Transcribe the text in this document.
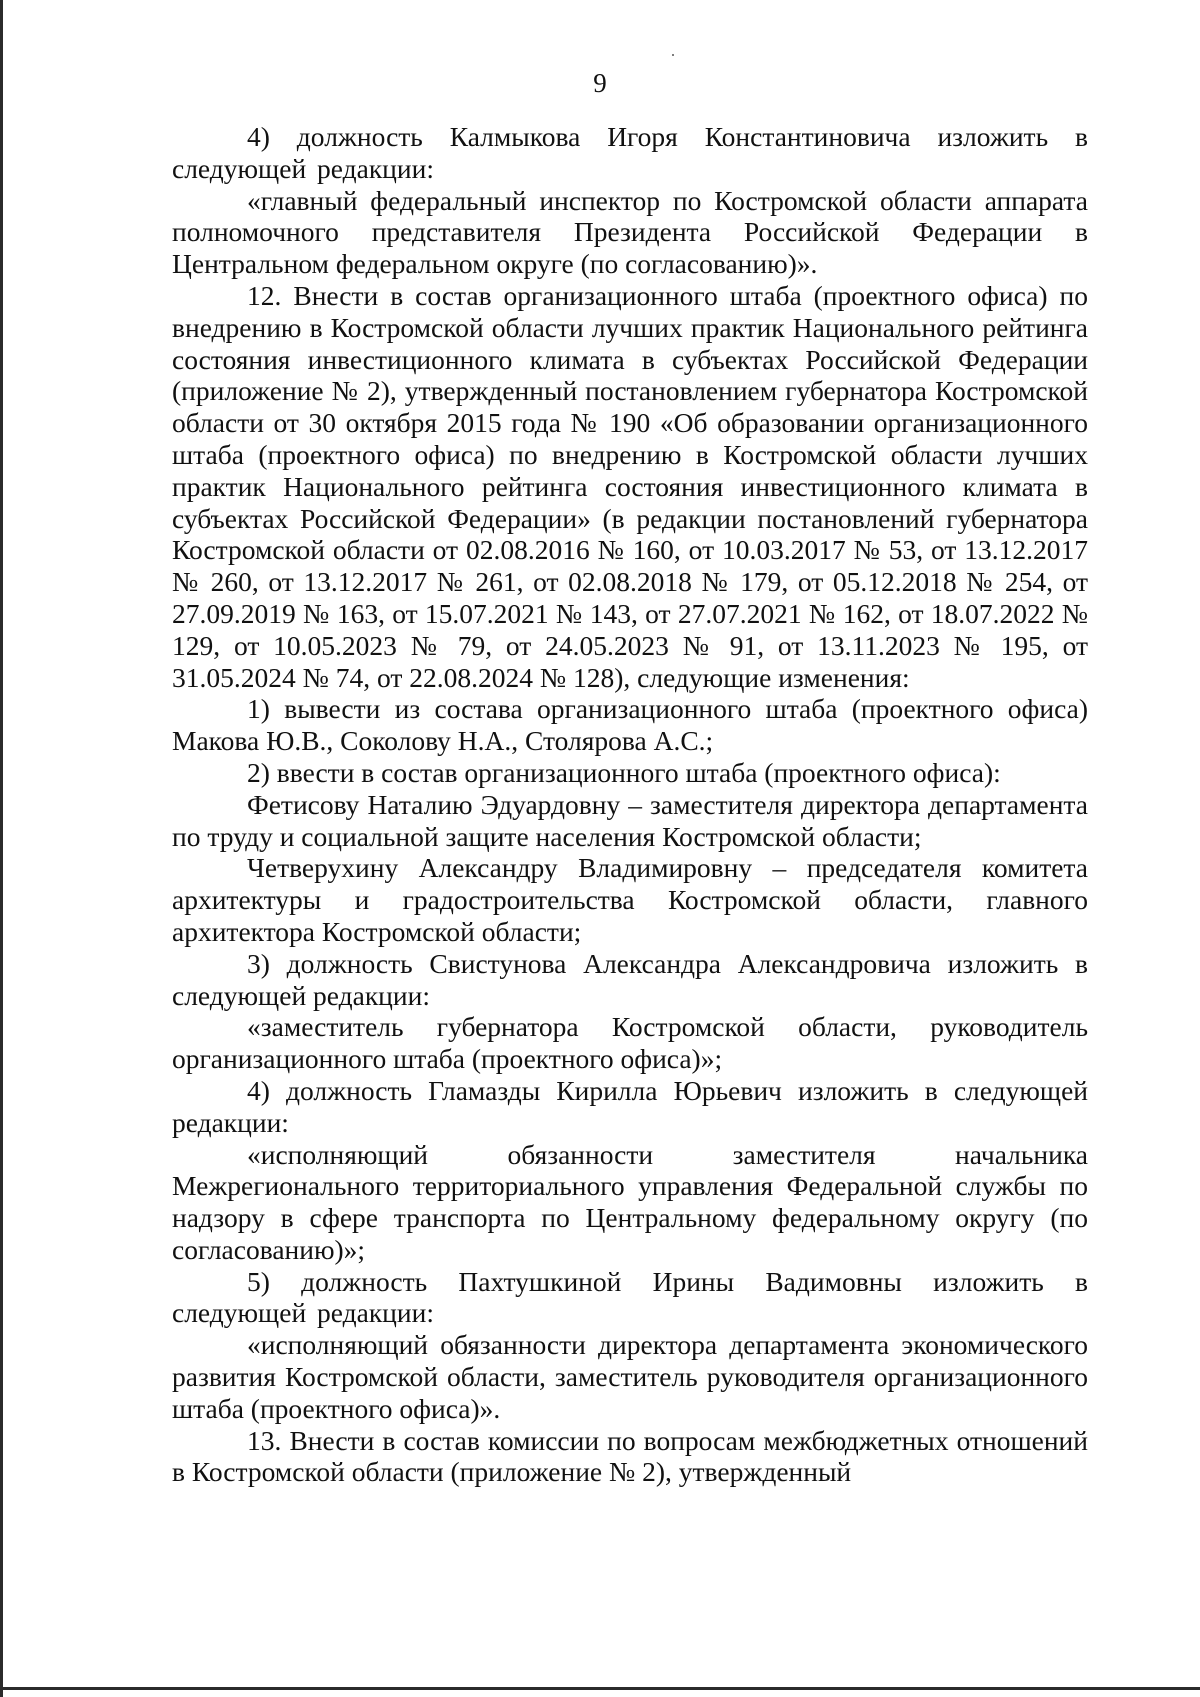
9

4) должность Калмыкова Игоря Константиновича изложить в следующей редакции:

«главный федеральный инспектор по Костромской области аппарата полномочного представителя Президента Российской Федерации в Центральном федеральном округе (по согласованию)».

12. Внести в состав организационного штаба (проектного офиса) по внедрению в Костромской области лучших практик Национального рейтинга состояния инвестиционного климата в субъектах Российской Федерации (приложение № 2), утвержденный постановлением губернатора Костромской области от 30 октября 2015 года № 190 «Об образовании организационного штаба (проектного офиса) по внедрению в Костромской области лучших практик Национального рейтинга состояния инвестиционного климата в субъектах Российской Федерации» (в редакции постановлений губернатора Костромской области от 02.08.2016 № 160, от 10.03.2017 № 53, от 13.12.2017 № 260, от 13.12.2017 № 261, от 02.08.2018 № 179, от 05.12.2018 № 254, от 27.09.2019 № 163, от 15.07.2021 № 143, от 27.07.2021 № 162, от 18.07.2022 № 129, от 10.05.2023 № 79, от 24.05.2023 № 91, от 13.11.2023 № 195, от 31.05.2024 № 74, от 22.08.2024 № 128), следующие изменения:

1) вывести из состава организационного штаба (проектного офиса) Макова Ю.В., Соколову Н.А., Столярова А.С.;

2) ввести в состав организационного штаба (проектного офиса):

Фетисову Наталию Эдуардовну – заместителя директора департамента по труду и социальной защите населения Костромской области;

Четверухину Александру Владимировну – председателя комитета архитектуры и градостроительства Костромской области, главного архитектора Костромской области;

3) должность Свистунова Александра Александровича изложить в следующей редакции:

«заместитель губернатора Костромской области, руководитель организационного штаба (проектного офиса)»;

4) должность Гламазды Кирилла Юрьевич изложить в следующей редакции:

«исполняющий обязанности заместителя начальника Межрегионального территориального управления Федеральной службы по надзору в сфере транспорта по Центральному федеральному округу (по согласованию)»;

5) должность Пахтушкиной Ирины Вадимовны изложить в следующей редакции:

«исполняющий обязанности директора департамента экономического развития Костромской области, заместитель руководителя организационного штаба (проектного офиса)».

13. Внести в состав комиссии по вопросам межбюджетных отношений в Костромской области (приложение № 2), утвержденный
